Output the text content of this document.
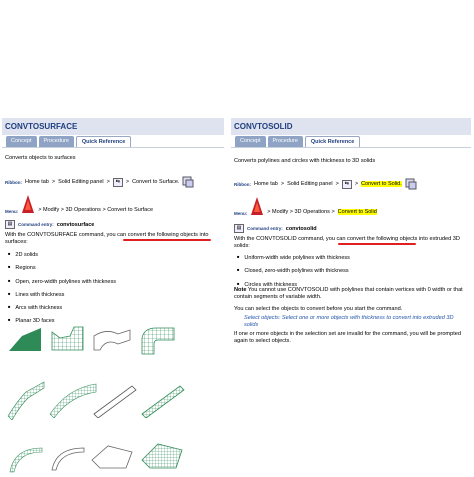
CONVTOSURFACE
Concept	Procedure	Quick Reference
Converts objects to surfaces
Ribbon: Home tab > Solid Editing panel >	⇆	> Convert to Surface.
Menu:	> Modify > 3D Operations > Convert to Surface
▤	Command entry: convtosurface
With the CONVTOSURFACE command, you can convert the following objects into surfaces:
■ 2D solids
■ Regions
■ Open, zero-width polylines with thickness
■ Lines with thickness
■ Arcs with thickness
■ Planar 3D faces
CONVTOSOLID
Concept	Procedure	Quick Reference
Converts polylines and circles with thickness to 3D solids
Ribbon: Home tab > Solid Editing panel >	⇆	> Convert to Solid.
Menu:	> Modify > 3D Operations > Convert to Solid
▤	Command entry: convtosolid
With the CONVTOSOLID command, you can convert the following objects into extruded 3D solids:
■ Uniform-width wide polylines with thickness
■ Closed, zero-width polylines with thickness
■ Circles with thickness
Note You cannot use CONVTOSOLID with polylines that contain vertices with 0 width or that contain segments of variable width.
You can select the objects to convert before you start the command.
Select objects: Select one or more objects with thickness to convert into extruded 3D solids
If one or more objects in the selection set are invalid for the command, you will be prompted again to select objects.
